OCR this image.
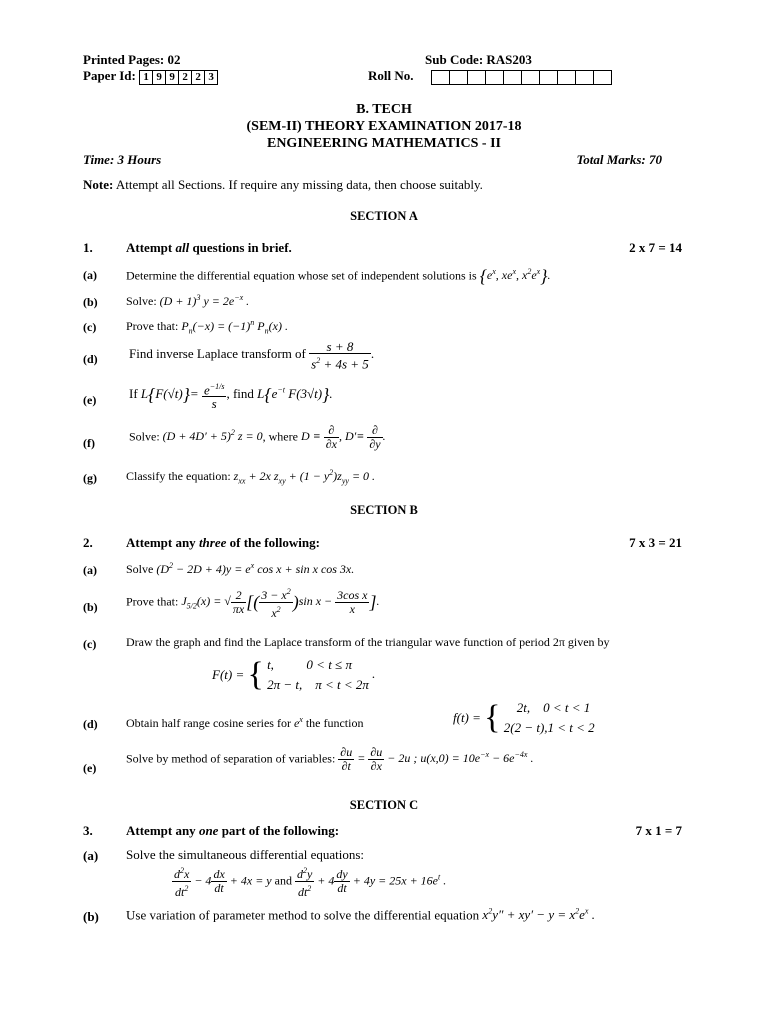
Printed Pages: 02	Sub Code: RAS203
Paper Id: 1 9 9 2 2 3	Roll No.
B. TECH
(SEM-II) THEORY EXAMINATION 2017-18
ENGINEERING MATHEMATICS - II
Time: 3 Hours	Total Marks: 70
Note: Attempt all Sections. If require any missing data, then choose suitably.
SECTION A
1.	Attempt all questions in brief.	2 x 7 = 14
(a) Determine the differential equation whose set of independent solutions is {$e^x$, $xe^x$, $x^2e^x$}.
(b) Solve: $(D + 1)^3$ $y = 2e^{-x}$ .
(c) Prove that: $P_n(-x) = (-1)^n$ $P_n(x)$ .
(d) Find inverse Laplace transform of $\frac{s + 8}{s^2 + 4s + 5}$ .
(e)	If $L\{F(√t)\}= \frac{e^{-1/s}}{s}$ , find $L\{e^{-t}$ F(3√t)}.
(f)	Solve: $(D + 4D' + 5)^2$ z = 0, where $D \equiv \frac{\partial}{\partial x}$ , $D'\equiv \frac{\partial}{\partial y}$ .
(g) Classify the equation: $z_{xx} + 2x$ $z_{xy} + (1 - y^2)z_{yy} = 0$ .
SECTION B
2.	Attempt any three of the following:	7 x 3 = 21
(a) Solve $(D^2 - 2D + 4)y = e^x$ cos x + sin x cos 3x.
(b) Prove that: $J_{5/2}(x)$ = √ $\frac{2}{\pi x}$ [( $\frac{3 - x^2}{x^2} )\sin$ $x - \frac{\text{3cos x}}{x}$ ].
(c) Draw the graph and find the Laplace transform of the triangular wave function of period 2π given by
F(t) = { t,          0 < t ≤ π
2π − t,    π < t < 2π .
(d) Obtain half range cosine series for $e^x$ the function	f(t) = {     2t,    0 < t < 1
2(2 − t),1 < t < 2
(e)
Solve by method of separation of variables: $\frac{\partial u}{\partial t} = \frac{\partial u}{\partial x} - 2u$ ; $u(x,0) = 10e^{-x} - 6e^{-4x}$ .
SECTION C
3.	Attempt any one part of the following:	7 x 1 = 7
(a) Solve the simultaneous differential equations:
$\frac{d^2x}{dt^2} - 4 \frac{dx}{dt} + 4x = y$ and $\frac{d^2y}{dt^2} + 4 \frac{dy}{dt} + 4y = 25x + 16e^t$ .
(b) Use variation of parameter method to solve the differential equation $x^2y'' + xy' - y = x^2e^x$ .
